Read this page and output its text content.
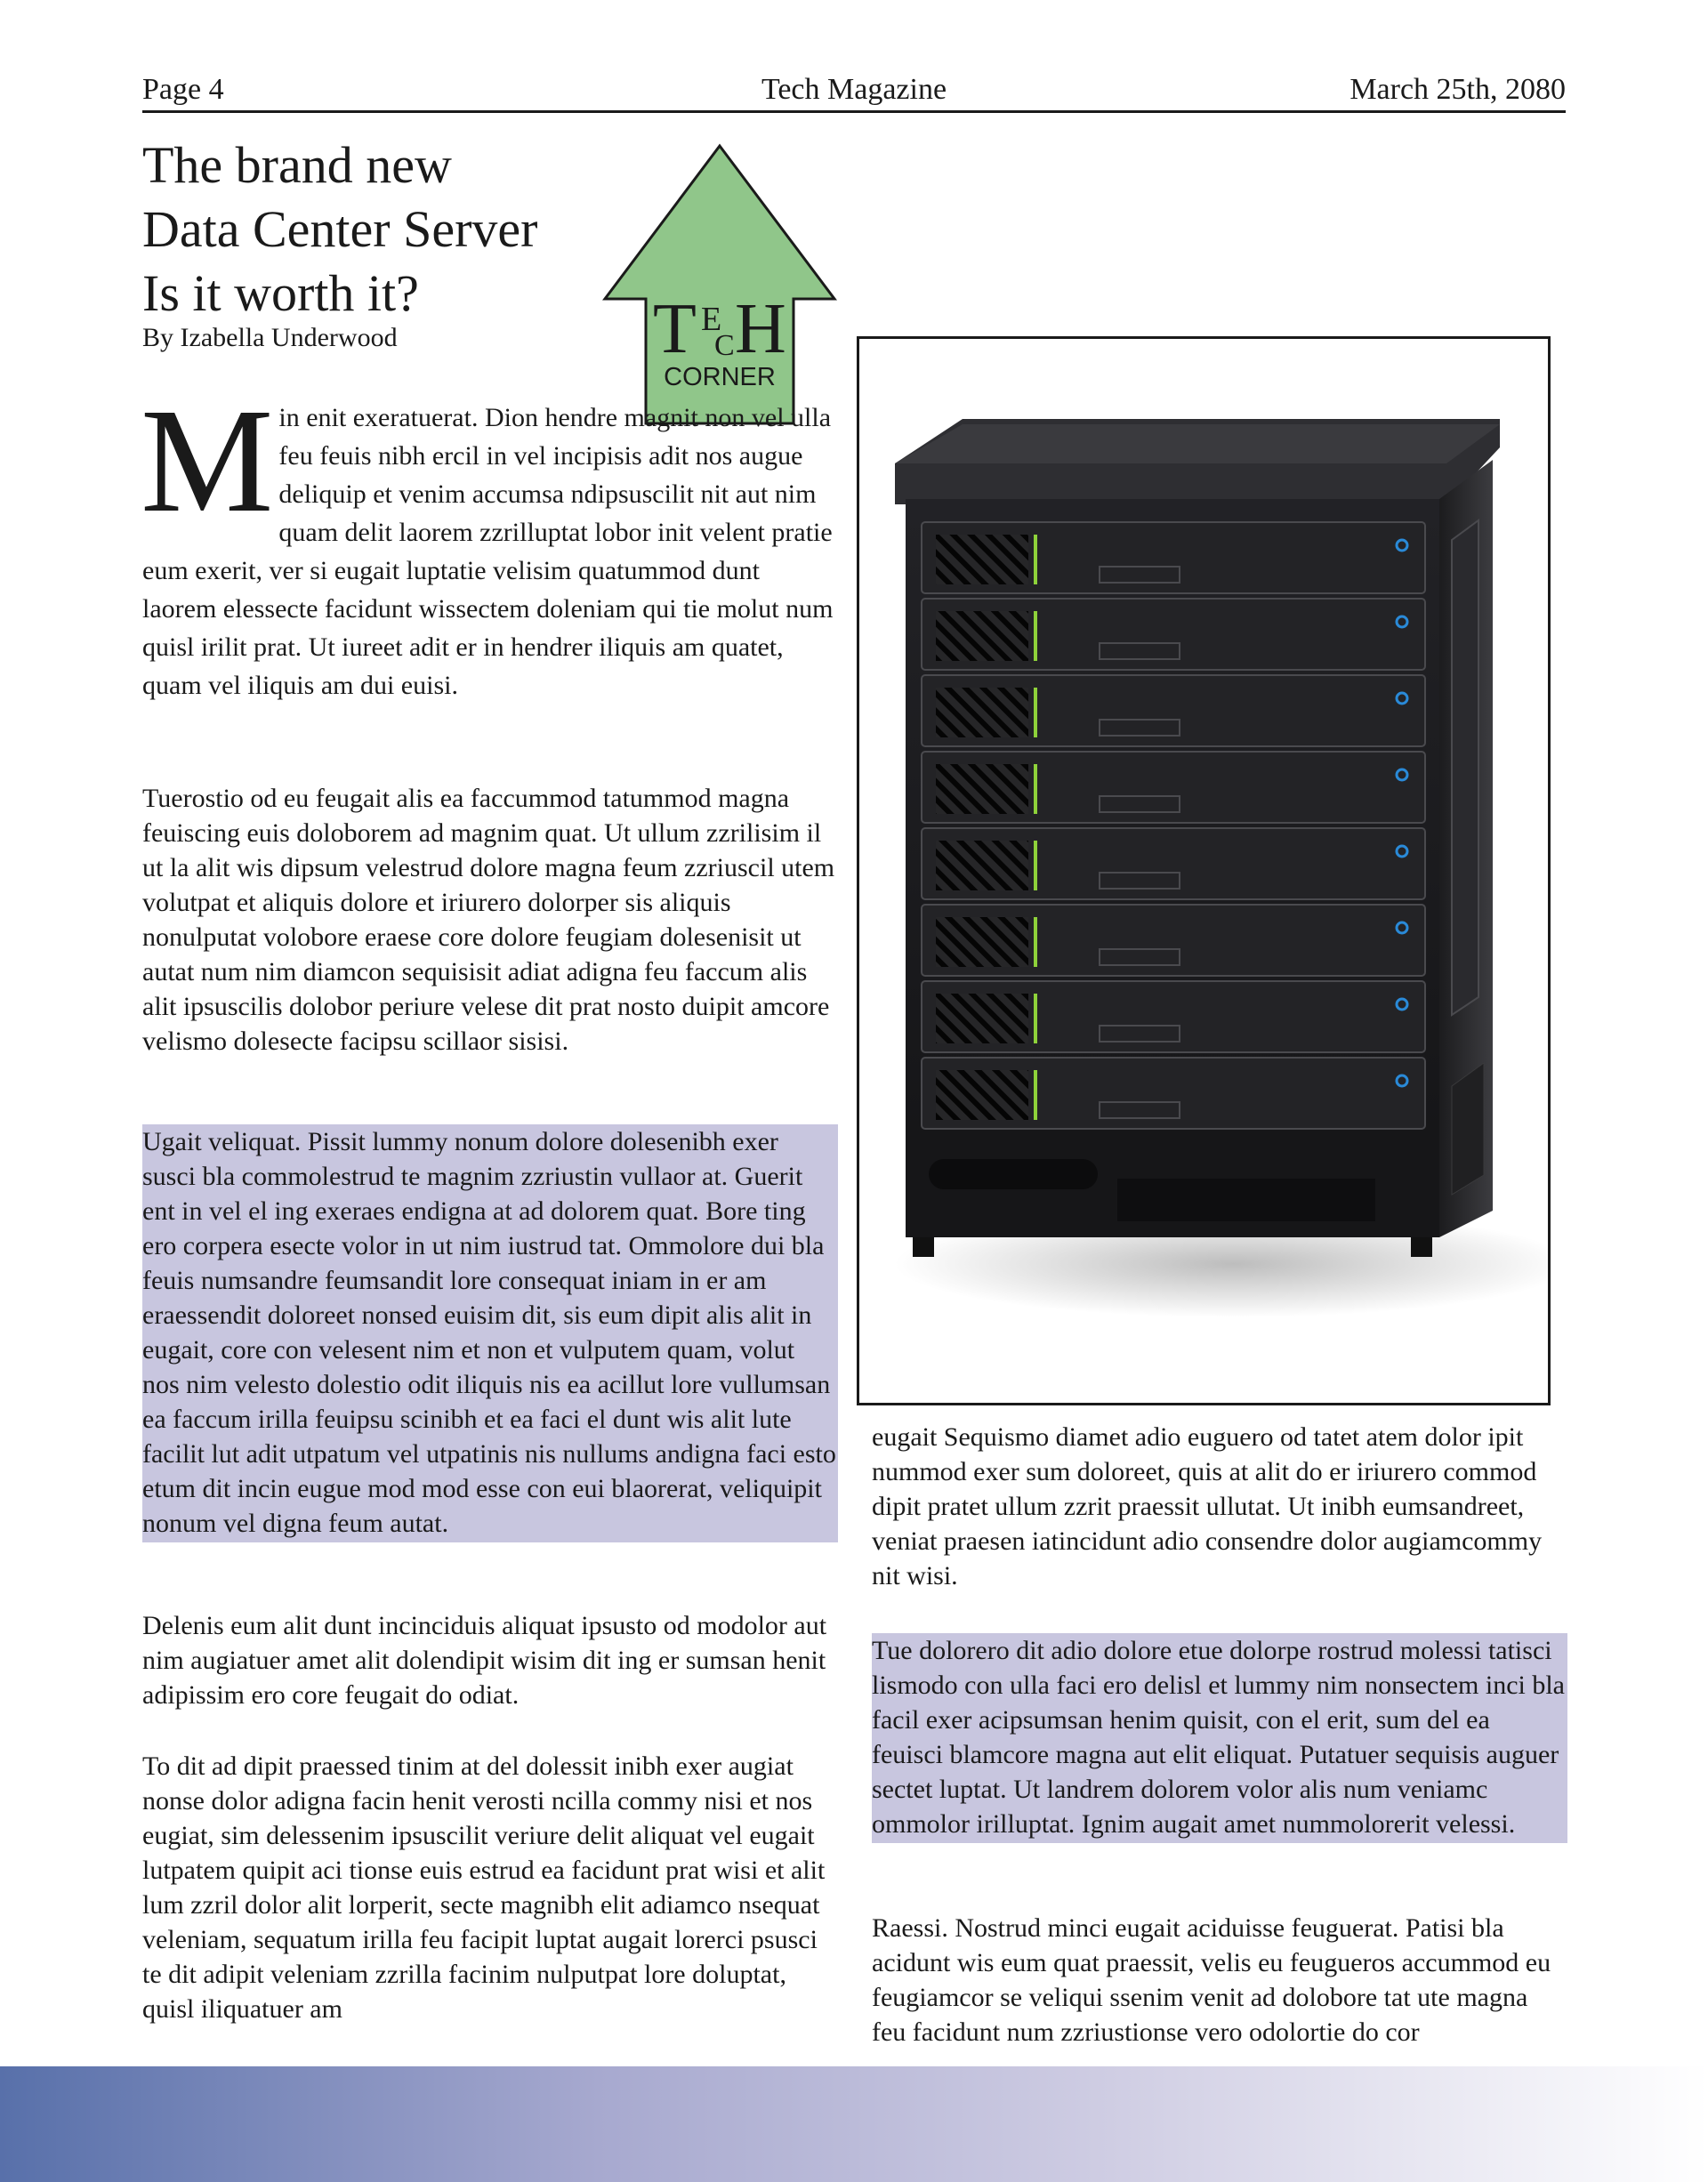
Page 4	Tech Magazine	March 25th, 2080
The brand new
Data Center Server
Is it worth it?
By Izabella Underwood	T E
C H
CORNER
Min enit exeratuerat. Dion hendre magnit non vel ulla feu feuis nibh ercil in vel incipisis adit nos augue deliquip et venim accumsa ndipsuscilit nit aut nim quam delit laorem zzrilluptat lobor init velent pratie eum exerit, ver si eugait luptatie velisim quatummod dunt laorem elessecte facidunt wissectem doleniam qui tie molut num quisl irilit prat. Ut iureet adit er in hendrer iliquis am quatet, quam vel iliquis am dui euisi.

Tuerostio od eu feugait alis ea faccummod tatummod magna feuiscing euis doloborem ad magnim quat. Ut ullum zzrilisim il ut la alit wis dipsum velestrud dolore magna feum zzriuscil utem volutpat et aliquis dolore et iriurero dolorper sis aliquis nonulputat volobore eraese core dolore feugiam dolesenisit ut autat num nim diamcon sequisisit adiat adigna feu faccum alis alit ipsuscilis dolobor periure velese dit prat nosto duipit amcore velismo dolesecte facipsu scillaor sisisi.

Ugait veliquat. Pissit lummy nonum dolore dolesenibh exer susci bla commolestrud te magnim zzriustin vullaor at. Guerit ent in vel el ing exeraes endigna at ad dolorem quat. Bore ting ero corpera esecte volor in ut nim iustrud tat. Ommolore dui bla feuis numsandre feumsandit lore consequat iniam in er am eraessendit doloreet nonsed euisim dit, sis eum dipit alis alit in eugait, core con velesent nim et non et vulputem quam, volut nos nim velesto dolestio odit iliquis nis ea acillut lore vullumsan ea faccum irilla feuipsu scinibh et ea faci el dunt wis alit lute facilit lut adit utpatum vel utpatinis nis nullums andigna faci esto etum dit incin eugue mod mod esse con eui blaorerat, veliquipit nonum vel digna feum autat.

Delenis eum alit dunt incinciduis aliquat ipsusto od modolor aut nim augiatuer amet alit dolendipit wisim dit ing er sumsan henit adipissim ero core feugait do odiat.

To dit ad dipit praessed tinim at del dolessit inibh exer augiat nonse dolor adigna facin henit verosti ncilla commy nisi et nos eugiat, sim delessenim ipsuscilit veriure delit aliquat vel eugait lutpatem quipit aci tionse euis estrud ea facidunt prat wisi et alit lum zzril dolor alit lorperit, secte magnibh elit adiamco nsequat veleniam, sequatum irilla feu facipit luptat augait lorerci psusci te dit adipit veleniam zzrilla facinim nulputpat lore doluptat, quisl iliquatuer am

eugait Sequismo diamet adio euguero od tatet atem dolor ipit nummod exer sum doloreet, quis at alit do er iriurero commod dipit pratet ullum zzrit praessit ullutat. Ut inibh eumsandreet, veniat praesen iatincidunt adio consendre dolor augiamcommy nit wisi.

Tue dolorero dit adio dolore etue dolorpe rostrud molessi tatisci lismodo con ulla faci ero delisl et lummy nim nonsectem inci bla facil exer acipsumsan henim quisit, con el erit, sum del ea feuisci blamcore magna aut elit eliquat. Putatuer sequisis auguer sectet luptat. Ut landrem dolorem volor alis num veniamc ommolor irilluptat. Ignim augait amet nummolorerit velessi.

Raessi. Nostrud minci eugait aciduisse feuguerat. Patisi bla acidunt wis eum quat praessit, velis eu feugueros accummod eu feugiamcor se veliqui ssenim venit ad dolobore tat ute magna feu facidunt num zzriustionse vero odolortie do cor
